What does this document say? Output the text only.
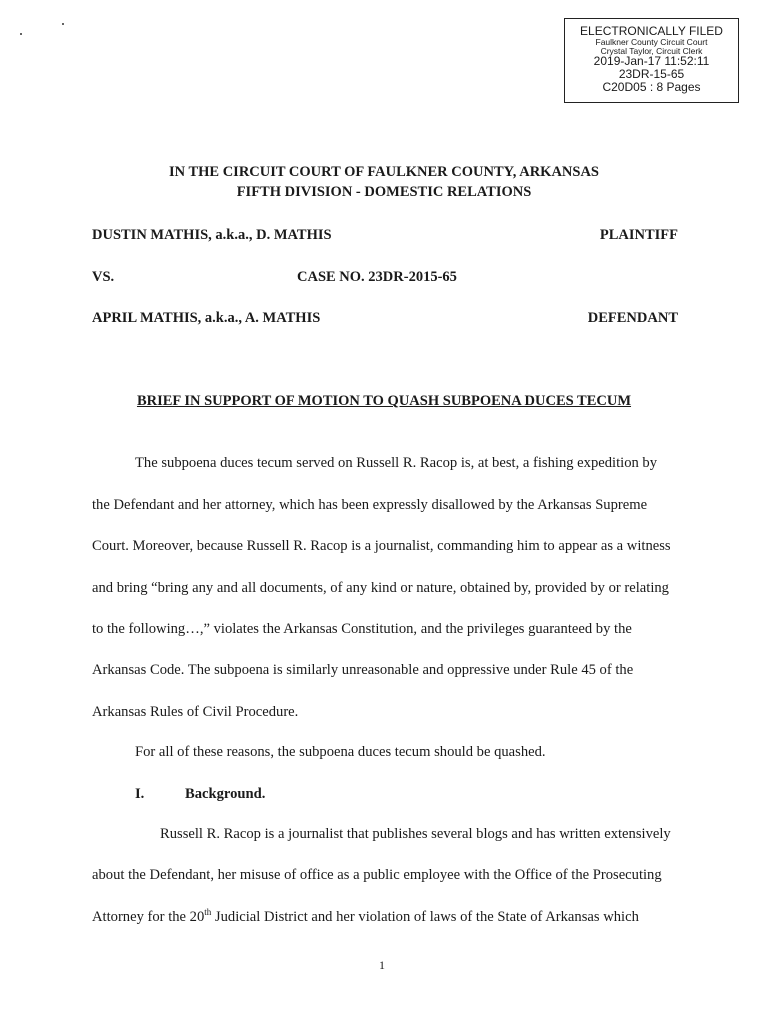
ELECTRONICALLY FILED
Faulkner County Circuit Court
Crystal Taylor, Circuit Clerk
2019-Jan-17 11:52:11
23DR-15-65
C20D05 : 8 Pages
IN THE CIRCUIT COURT OF FAULKNER COUNTY, ARKANSAS
FIFTH DIVISION - DOMESTIC RELATIONS
DUSTIN MATHIS, a.k.a., D. MATHIS	PLAINTIFF
VS.	CASE NO. 23DR-2015-65
APRIL MATHIS, a.k.a., A. MATHIS	DEFENDANT
BRIEF IN SUPPORT OF MOTION TO QUASH SUBPOENA DUCES TECUM
The subpoena duces tecum served on Russell R. Racop is, at best, a fishing expedition by
the Defendant and her attorney, which has been expressly disallowed by the Arkansas Supreme
Court. Moreover, because Russell R. Racop is a journalist, commanding him to appear as a witness
and bring “bring any and all documents, of any kind or nature, obtained by, provided by or relating
to the following…,” violates the Arkansas Constitution, and the privileges guaranteed by the
Arkansas Code. The subpoena is similarly unreasonable and oppressive under Rule 45 of the
Arkansas Rules of Civil Procedure.
For all of these reasons, the subpoena duces tecum should be quashed.
I.	Background.
Russell R. Racop is a journalist that publishes several blogs and has written extensively
about the Defendant, her misuse of office as a public employee with the Office of the Prosecuting
Attorney for the 20th Judicial District and her violation of laws of the State of Arkansas which
1
